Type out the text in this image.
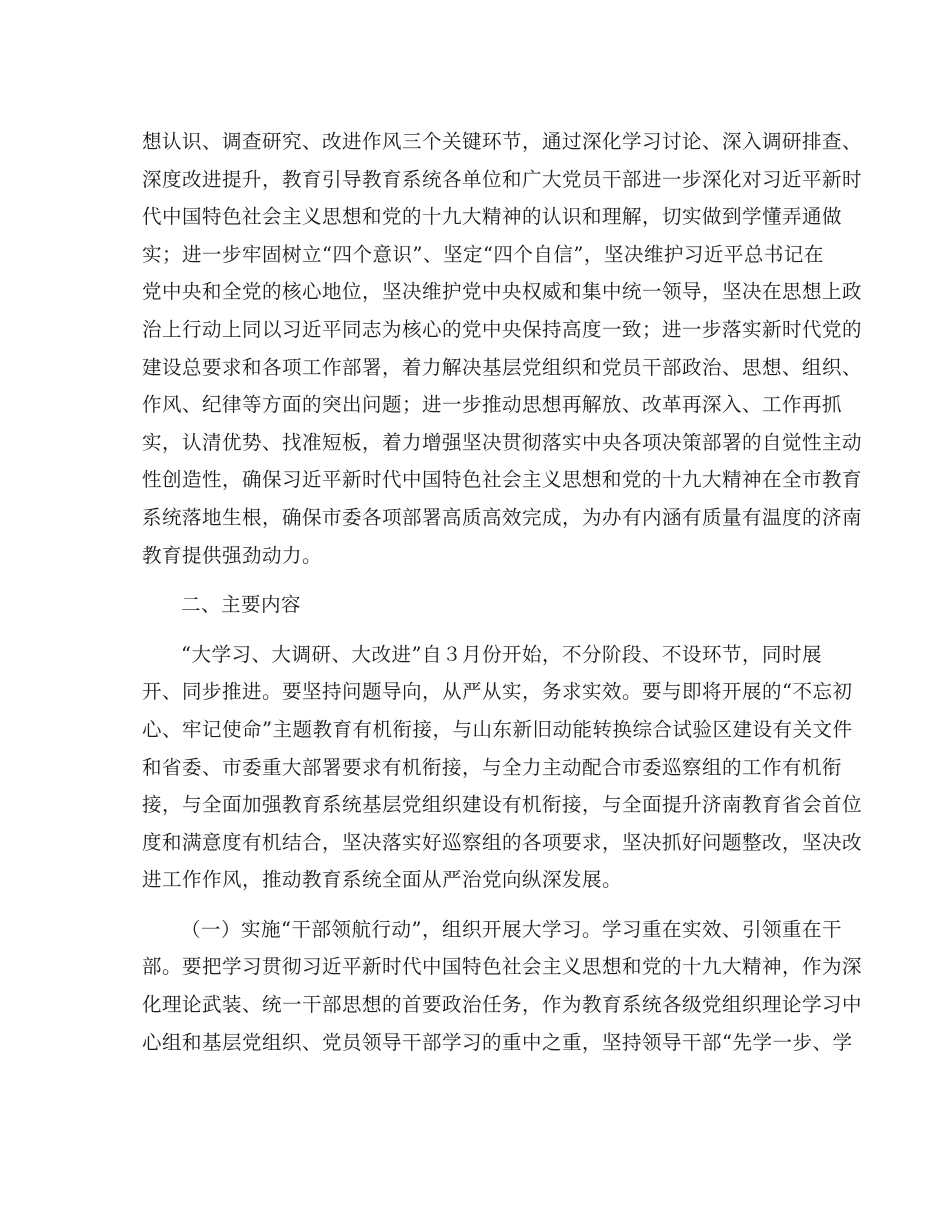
想认识、调查研究、改进作风三个关键环节，通过深化学习讨论、深入调研排查、
深度改进提升，教育引导教育系统各单位和广大党员干部进一步深化对习近平新时
代中国特色社会主义思想和党的十九大精神的认识和理解，切实做到学懂弄通做
实；进一步牢固树立“四个意识”、坚定“四个自信”，坚决维护习近平总书记在
党中央和全党的核心地位，坚决维护党中央权威和集中统一领导，坚决在思想上政
治上行动上同以习近平同志为核心的党中央保持高度一致；进一步落实新时代党的
建设总要求和各项工作部署，着力解决基层党组织和党员干部政治、思想、组织、
作风、纪律等方面的突出问题；进一步推动思想再解放、改革再深入、工作再抓
实，认清优势、找准短板，着力增强坚决贯彻落实中央各项决策部署的自觉性主动
性创造性，确保习近平新时代中国特色社会主义思想和党的十九大精神在全市教育
系统落地生根，确保市委各项部署高质高效完成，为办有内涵有质量有温度的济南
教育提供强劲动力。
二、主要内容
“大学习、大调研、大改进”自３月份开始，不分阶段、不设环节，同时展
开、同步推进。要坚持问题导向，从严从实，务求实效。要与即将开展的“不忘初
心、牢记使命”主题教育有机衔接，与山东新旧动能转换综合试验区建设有关文件
和省委、市委重大部署要求有机衔接，与全力主动配合市委巡察组的工作有机衔
接，与全面加强教育系统基层党组织建设有机衔接，与全面提升济南教育省会首位
度和满意度有机结合，坚决落实好巡察组的各项要求，坚决抓好问题整改，坚决改
进工作作风，推动教育系统全面从严治党向纵深发展。
（一）实施“干部领航行动”，组织开展大学习。学习重在实效、引领重在干
部。要把学习贯彻习近平新时代中国特色社会主义思想和党的十九大精神，作为深
化理论武装、统一干部思想的首要政治任务，作为教育系统各级党组织理论学习中
心组和基层党组织、党员领导干部学习的重中之重，坚持领导干部“先学一步、学
